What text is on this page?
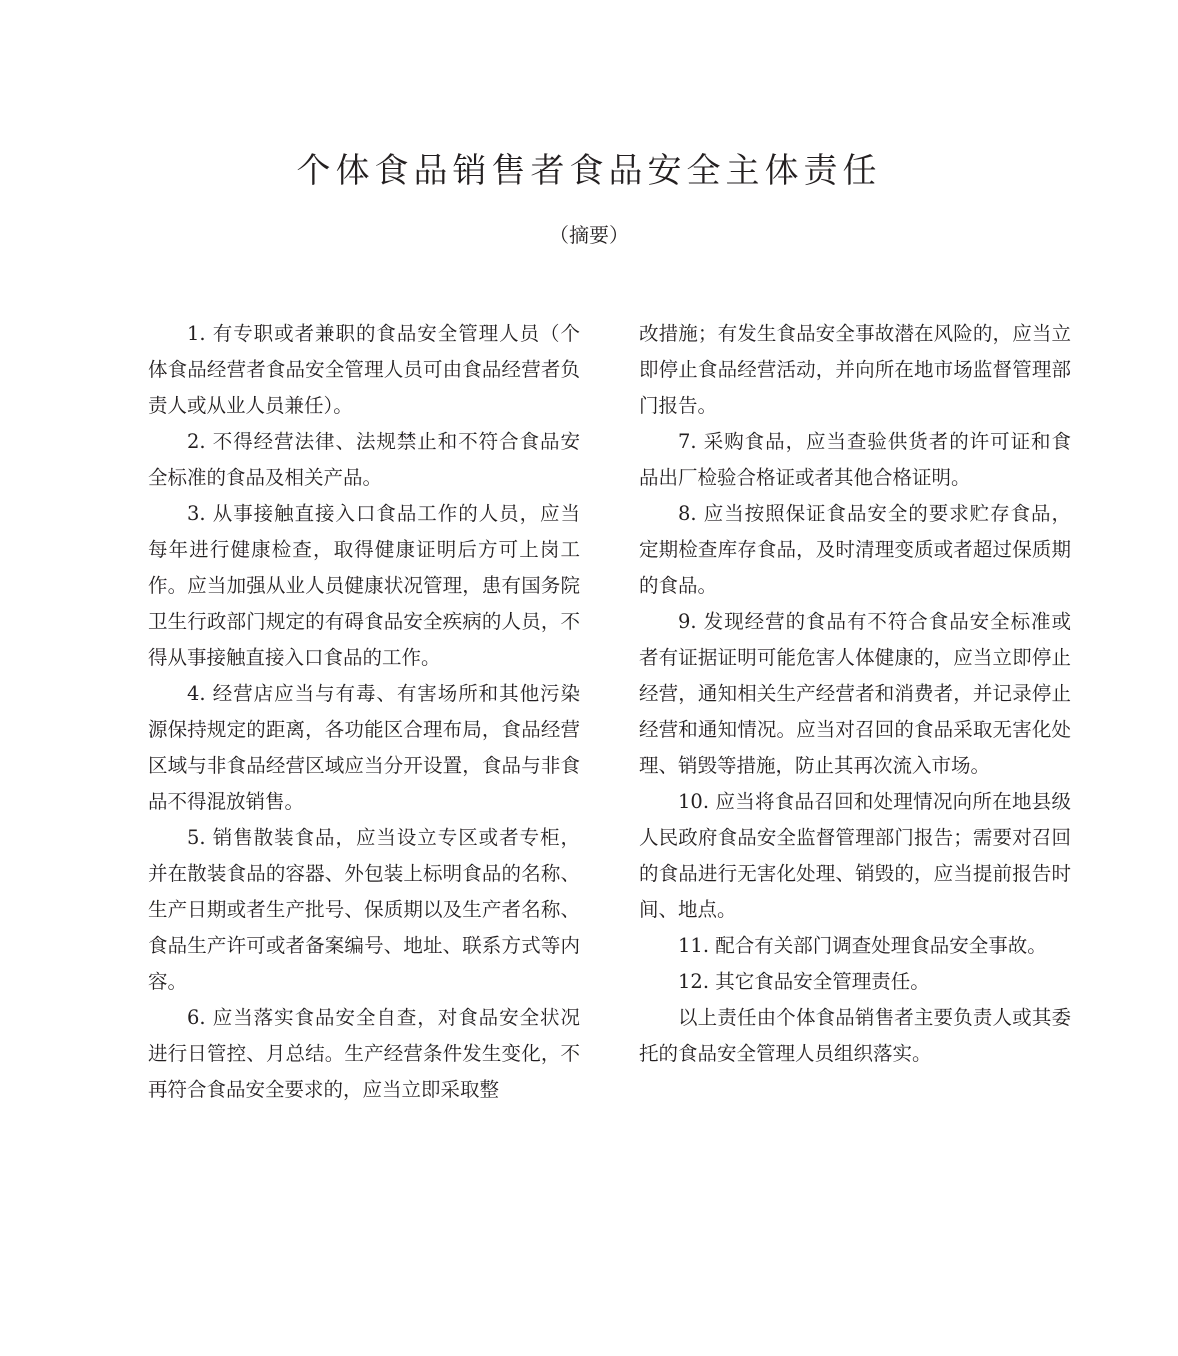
个体食品销售者食品安全主体责任
（摘要）

1. 有专职或者兼职的食品安全管理人员（个体食品经营者食品安全管理人员可由食品经营者负责人或从业人员兼任）。

2. 不得经营法律、法规禁止和不符合食品安全标准的食品及相关产品。

3. 从事接触直接入口食品工作的人员，应当每年进行健康检查，取得健康证明后方可上岗工作。应当加强从业人员健康状况管理，患有国务院卫生行政部门规定的有碍食品安全疾病的人员，不得从事接触直接入口食品的工作。

4. 经营店应当与有毒、有害场所和其他污染源保持规定的距离，各功能区合理布局，食品经营区域与非食品经营区域应当分开设置，食品与非食品不得混放销售。

5. 销售散装食品，应当设立专区或者专柜，并在散装食品的容器、外包装上标明食品的名称、生产日期或者生产批号、保质期以及生产者名称、食品生产许可或者备案编号、地址、联系方式等内容。

6. 应当落实食品安全自查，对食品安全状况进行日管控、月总结。生产经营条件发生变化，不再符合食品安全要求的，应当立即采取整

改措施；有发生食品安全事故潜在风险的，应当立即停止食品经营活动，并向所在地市场监督管理部门报告。

7. 采购食品，应当查验供货者的许可证和食品出厂检验合格证或者其他合格证明。

8. 应当按照保证食品安全的要求贮存食品，定期检查库存食品，及时清理变质或者超过保质期的食品。

9. 发现经营的食品有不符合食品安全标准或者有证据证明可能危害人体健康的，应当立即停止经营，通知相关生产经营者和消费者，并记录停止经营和通知情况。应当对召回的食品采取无害化处理、销毁等措施，防止其再次流入市场。

10. 应当将食品召回和处理情况向所在地县级人民政府食品安全监督管理部门报告；需要对召回的食品进行无害化处理、销毁的，应当提前报告时间、地点。

11. 配合有关部门调查处理食品安全事故。

12. 其它食品安全管理责任。

以上责任由个体食品销售者主要负责人或其委托的食品安全管理人员组织落实。
